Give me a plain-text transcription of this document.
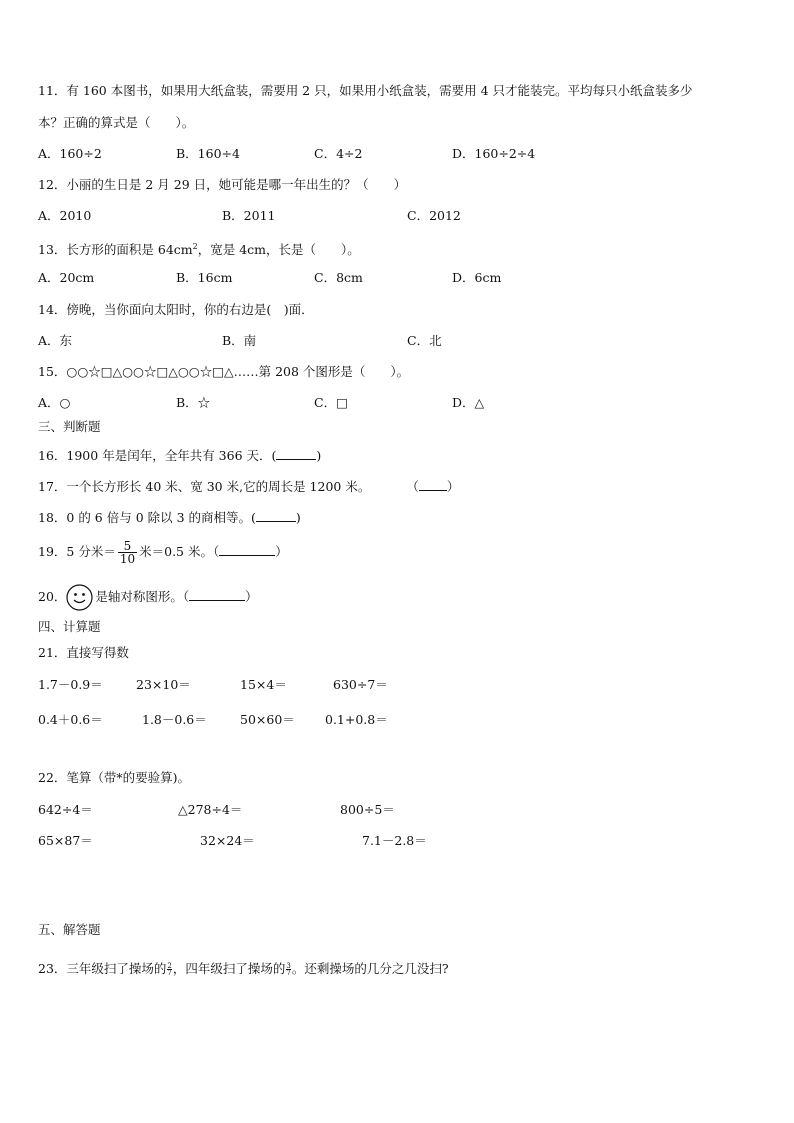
11．有 160 本图书，如果用大纸盒装，需要用 2 只，如果用小纸盒装，需要用 4 只才能装完。平均每只小纸盒装多少
本？正确的算式是（　　）。
A．160÷2	B．160÷4	C．4÷2	D．160÷2÷4
12．小丽的生日是 2 月 29 日，她可能是哪一年出生的？（　　）
A．2010	B．2011	C．2012
13．长方形的面积是 $64cm^2$，宽是 4cm，长是（　　）。
A．20cm	B．16cm	C．8cm	D．6cm
14．傍晚，当你面向太阳时，你的右边是(　)面．
A．东	B．南	C．北
15．○○☆□△○○☆□△○○☆□△……第 208 个图形是（　　）。
A．○	B．☆	C．□	D．△
三、判断题
16．1900 年是闰年，全年共有 366 天．(	)
17．一个长方形长 40 米、宽 30 米,它的周长是 1200 米。	（ ）
18．0 的 6 倍与 0 除以 3 的商相等。(	)
19．5 分米＝ $\frac{5}{10}$ 米＝0.5 米。（	）
20． 是轴对称图形。（	）
四、计算题
21．直接写得数
1.7－0.9＝	23×10＝	15×4＝	630÷7＝
0.4＋0.6＝	1.8－0.6＝	50×60＝ 0.1+0.8＝
22．笔算（带*的要验算)。
642÷4＝	△278÷4＝	800÷5＝
65×87＝	32×24＝	7.1－2.8＝
五、解答题
23．三年级扫了操场的 $\frac{2}{7}$ ，四年级扫了操场的 $\frac{3}{7}$ 。还剩操场的几分之几没扫?
